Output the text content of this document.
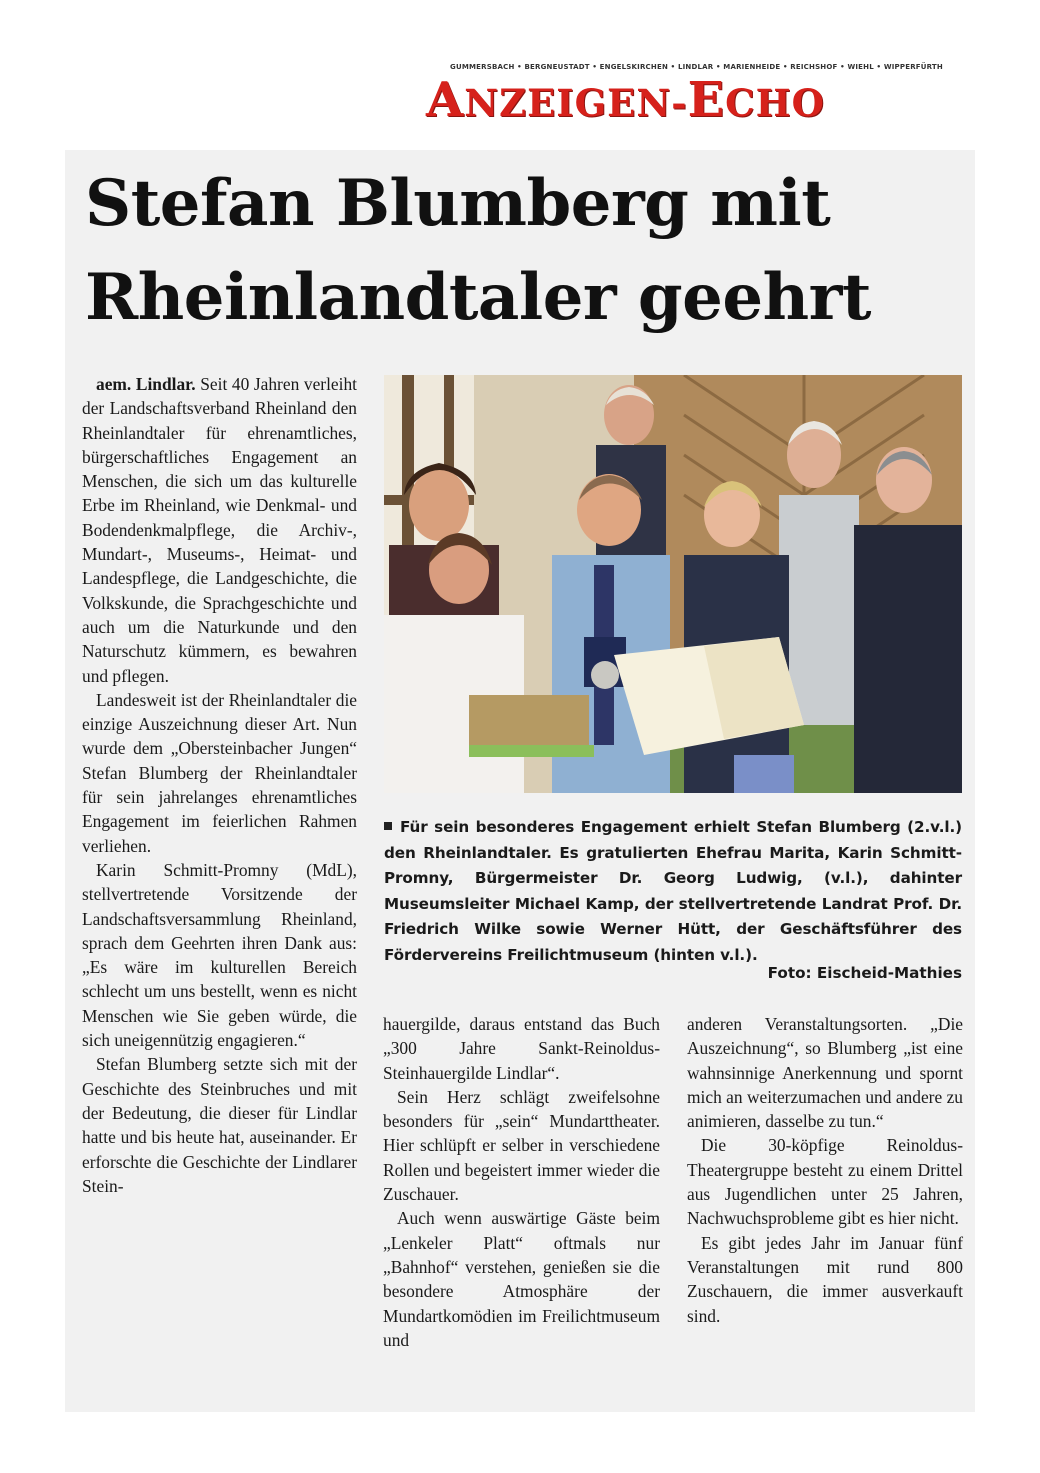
GUMMERSBACH • BERGNEUSTADT • ENGELSKIRCHEN • LINDLAR • MARIENHEIDE • REICHSHOF • WIEHL • WIPPERFÜRTH
ANZEIGEN-ECHO
Stefan Blumberg mit
Rheinlandtaler geehrt

aem. Lindlar. Seit 40 Jahren verleiht der Landschaftsverband Rheinland den Rheinlandtaler für ehrenamtliches, bürgerschaftliches Engagement an Menschen, die sich um das kulturelle Erbe im Rheinland, wie Denkmal- und Bodendenkmalpflege, die Archiv-, Mundart-, Museums-, Heimat- und Landespflege, die Landgeschichte, die Volkskunde, die Sprachgeschichte und auch um die Naturkunde und den Naturschutz kümmern, es bewahren und pflegen.

Landesweit ist der Rheinlandtaler die einzige Auszeichnung dieser Art. Nun wurde dem „Obersteinbacher Jungen“ Stefan Blumberg der Rheinlandtaler für sein jahrelanges ehrenamtliches Engagement im feierlichen Rahmen verliehen.

Karin Schmitt-Promny (MdL), stellvertretende Vorsitzende der Landschaftsversammlung Rheinland, sprach dem Geehrten ihren Dank aus: „Es wäre im kulturellen Bereich schlecht um uns bestellt, wenn es nicht Menschen wie Sie geben würde, die sich uneigennützig engagieren.“

Stefan Blumberg setzte sich mit der Geschichte des Steinbruches und mit der Bedeutung, die dieser für Lindlar hatte und bis heute hat, auseinander. Er erforschte die Geschichte der Lindlarer Stein-

Für sein besonderes Engagement erhielt Stefan Blumberg (2.v.l.) den Rheinlandtaler. Es gratulierten Ehefrau Marita, Karin Schmitt-Promny, Bürgermeister Dr. Georg Ludwig, (v.l.), dahinter Museumsleiter Michael Kamp, der stellvertretende Landrat Prof. Dr. Friedrich Wilke sowie Werner Hütt, der Geschäftsführer des Fördervereins Freilichtmuseum (hinten v.l.).
Foto: Eischeid-Mathies

hauergilde, daraus entstand das Buch „300 Jahre Sankt-Reinoldus-Steinhauergilde Lindlar“.

Sein Herz schlägt zweifelsohne besonders für „sein“ Mundarttheater. Hier schlüpft er selber in verschiedene Rollen und begeistert immer wieder die Zuschauer.

Auch wenn auswärtige Gäste beim „Lenkeler Platt“ oftmals nur „Bahnhof“ verstehen, genießen sie die besondere Atmosphäre der Mundartkomödien im Freilichtmuseum und

anderen Veranstaltungsorten. „Die Auszeichnung“, so Blumberg „ist eine wahnsinnige Anerkennung und spornt mich an weiterzumachen und andere zu animieren, dasselbe zu tun.“

Die 30-köpfige Reinoldus-Theatergruppe besteht zu einem Drittel aus Jugendlichen unter 25 Jahren, Nachwuchsprobleme gibt es hier nicht.

Es gibt jedes Jahr im Januar fünf Veranstaltungen mit rund 800 Zuschauern, die immer ausverkauft sind.
